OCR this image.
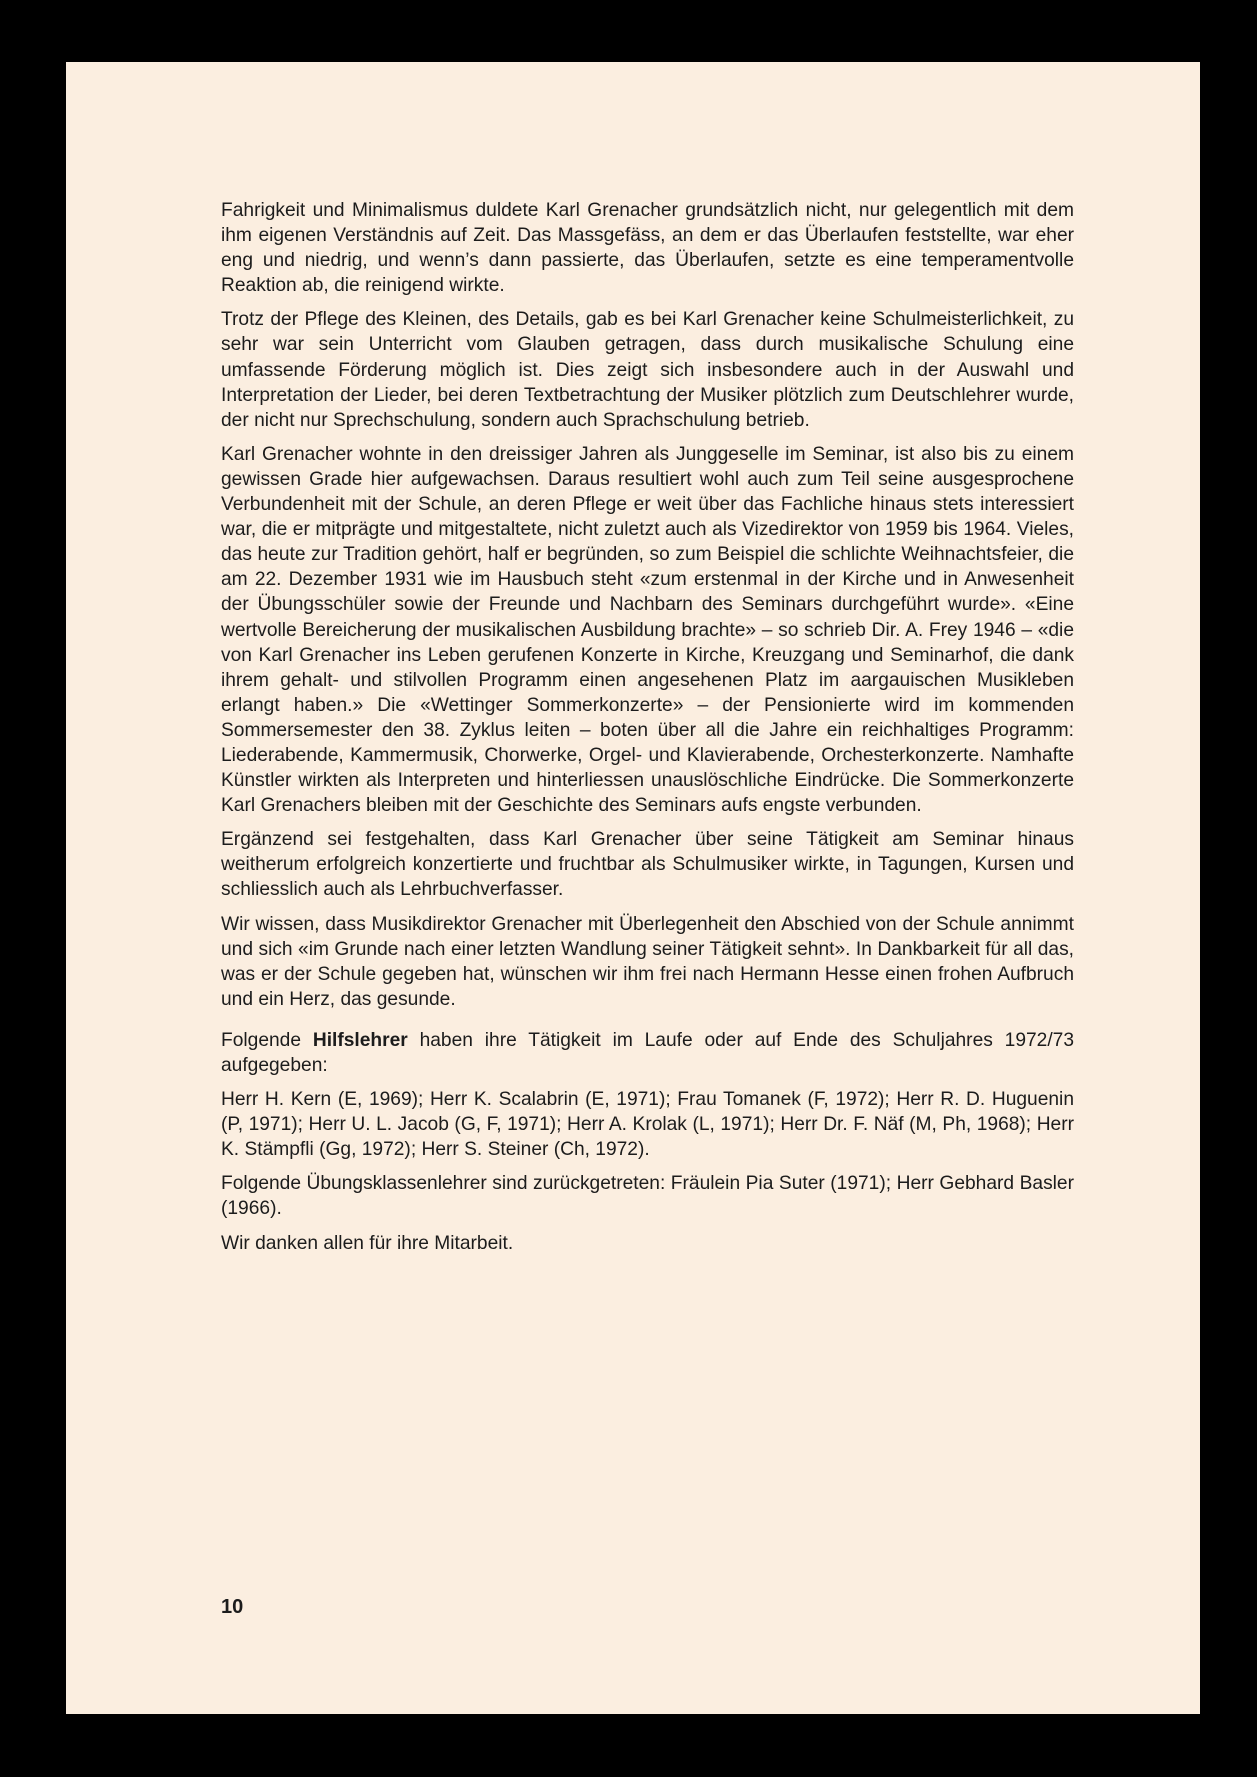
Fahrigkeit und Minimalismus duldete Karl Grenacher grundsätzlich nicht, nur gelegentlich mit dem ihm eigenen Verständnis auf Zeit. Das Massgefäss, an dem er das Überlaufen feststellte, war eher eng und niedrig, und wenn’s dann passierte, das Überlaufen, setzte es eine temperamentvolle Reaktion ab, die reinigend wirkte.

Trotz der Pflege des Kleinen, des Details, gab es bei Karl Grenacher keine Schulmeisterlichkeit, zu sehr war sein Unterricht vom Glauben getragen, dass durch musikalische Schulung eine umfassende Förderung möglich ist. Dies zeigt sich insbesondere auch in der Auswahl und Interpretation der Lieder, bei deren Textbetrachtung der Musiker plötzlich zum Deutschlehrer wurde, der nicht nur Sprechschulung, sondern auch Sprachschulung betrieb.

Karl Grenacher wohnte in den dreissiger Jahren als Junggeselle im Seminar, ist also bis zu einem gewissen Grade hier aufgewachsen. Daraus resultiert wohl auch zum Teil seine ausgesprochene Verbundenheit mit der Schule, an deren Pflege er weit über das Fachliche hinaus stets interessiert war, die er mitprägte und mitgestaltete, nicht zuletzt auch als Vizedirektor von 1959 bis 1964. Vieles, das heute zur Tradition gehört, half er begründen, so zum Beispiel die schlichte Weihnachtsfeier, die am 22. Dezember 1931 wie im Hausbuch steht «zum erstenmal in der Kirche und in Anwesenheit der Übungsschüler sowie der Freunde und Nachbarn des Seminars durchgeführt wurde». «Eine wertvolle Bereicherung der musikalischen Ausbildung brachte» – so schrieb Dir. A. Frey 1946 – «die von Karl Grenacher ins Leben gerufenen Konzerte in Kirche, Kreuzgang und Seminarhof, die dank ihrem gehalt- und stilvollen Programm einen angesehenen Platz im aargauischen Musikleben erlangt haben.» Die «Wettinger Sommerkonzerte» – der Pensionierte wird im kommenden Sommersemester den 38. Zyklus leiten – boten über all die Jahre ein reichhaltiges Programm: Liederabende, Kammermusik, Chorwerke, Orgel- und Klavierabende, Orchesterkonzerte. Namhafte Künstler wirkten als Interpreten und hinterliessen unauslöschliche Eindrücke. Die Sommerkonzerte Karl Grenachers bleiben mit der Geschichte des Seminars aufs engste verbunden.

Ergänzend sei festgehalten, dass Karl Grenacher über seine Tätigkeit am Seminar hinaus weitherum erfolgreich konzertierte und fruchtbar als Schulmusiker wirkte, in Tagungen, Kursen und schliesslich auch als Lehrbuchverfasser.

Wir wissen, dass Musikdirektor Grenacher mit Überlegenheit den Abschied von der Schule annimmt und sich «im Grunde nach einer letzten Wandlung seiner Tätigkeit sehnt». In Dankbarkeit für all das, was er der Schule gegeben hat, wünschen wir ihm frei nach Hermann Hesse einen frohen Aufbruch und ein Herz, das gesunde.

Folgende Hilfslehrer haben ihre Tätigkeit im Laufe oder auf Ende des Schuljahres 1972/73 aufgegeben:

Herr H. Kern (E, 1969); Herr K. Scalabrin (E, 1971); Frau Tomanek (F, 1972); Herr R. D. Huguenin (P, 1971); Herr U. L. Jacob (G, F, 1971); Herr A. Krolak (L, 1971); Herr Dr. F. Näf (M, Ph, 1968); Herr K. Stämpfli (Gg, 1972); Herr S. Steiner (Ch, 1972).

Folgende Übungsklassenlehrer sind zurückgetreten: Fräulein Pia Suter (1971); Herr Gebhard Basler (1966).

Wir danken allen für ihre Mitarbeit.

10
